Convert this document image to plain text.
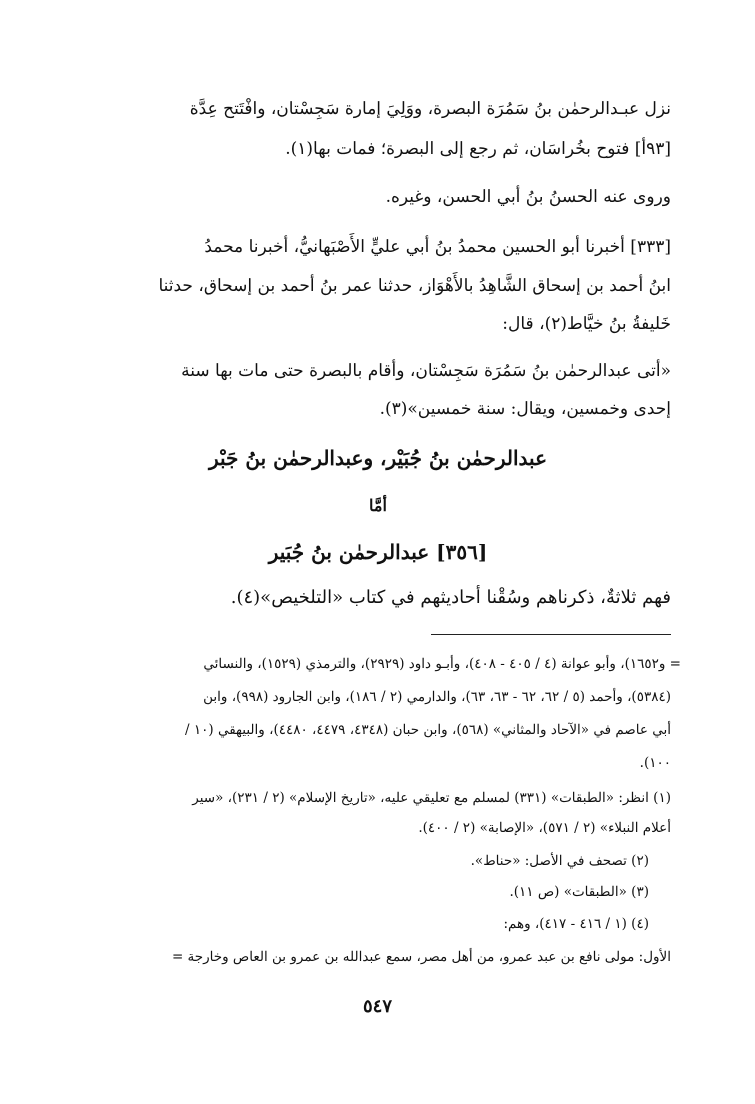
نزل عبـدالرحمٰن بنُ سَمُرَة البصرة، ووَلِيَ إمارة سَجِسْتان، وافْتَتح عِدَّة
[٩٣أ] فتوح بخُراسَان، ثم رجع إلى البصرة؛ فمات بها(١).
وروى عنه الحسنُ بنُ أبي الحسن، وغيره.
[٣٣٣] أخبرنا أبو الحسين محمدُ بنُ أبي عليٍّ الأَصْبَهانيُّ، أخبرنا محمدُ
ابنُ أحمد بن إسحاق الشَّاهِدُ بالأَهْوَاز، حدثنا عمر بنُ أحمد بن إسحاق، حدثنا
خَليفةُ بنُ خيَّاط(٢)، قال:
«أتى عبدالرحمٰن بنُ سَمُرَة سَجِسْتان، وأقام بالبصرة حتى مات بها سنة
إحدى وخمسين، ويقال: سنة خمسين»(٣).
عبدالرحمٰن بنُ جُبَيْر، وعبدالرحمٰن بنُ جَبْر
أمَّا
[٣٥٦] عبدالرحمٰن بنُ جُبَير
فهم ثلاثةٌ، ذكرناهم وسُقْنا أحاديثهم في كتاب «التلخيص»(٤).
= و١٦٥٢)، وأبو عوانة (٤ / ٤٠٥ - ٤٠٨)، وأبـو داود (٢٩٢٩)، والترمذي (١٥٢٩)، والنسائي
(٥٣٨٤)، وأحمد (٥ / ٦٢، ٦٢ - ٦٣، ٦٣)، والدارمي (٢ / ١٨٦)، وابن الجارود (٩٩٨)، وابن
أبي عاصم في «الآحاد والمثاني» (٥٦٨)، وابن حبان (٤٣٤٨، ٤٤٧٩، ٤٤٨٠)، والبيهقي (١٠ /
١٠٠).
(١) انظر: «الطبقات» (٣٣١) لمسلم مع تعليقي عليه، «تاريخ الإسلام» (٢ / ٢٣١)، «سير
أعلام النبلاء» (٢ / ٥٧١)، «الإصابة» (٢ / ٤٠٠).
(٢) تصحف في الأصل: «حناط».
(٣) «الطبقات» (ص ١١).
(٤) (١ / ٤١٦ - ٤١٧)، وهم:
الأول: مولى نافع بن عبد عمرو، من أهل مصر، سمع عبدالله بن عمرو بن العاص وخارجة =
٥٤٧
